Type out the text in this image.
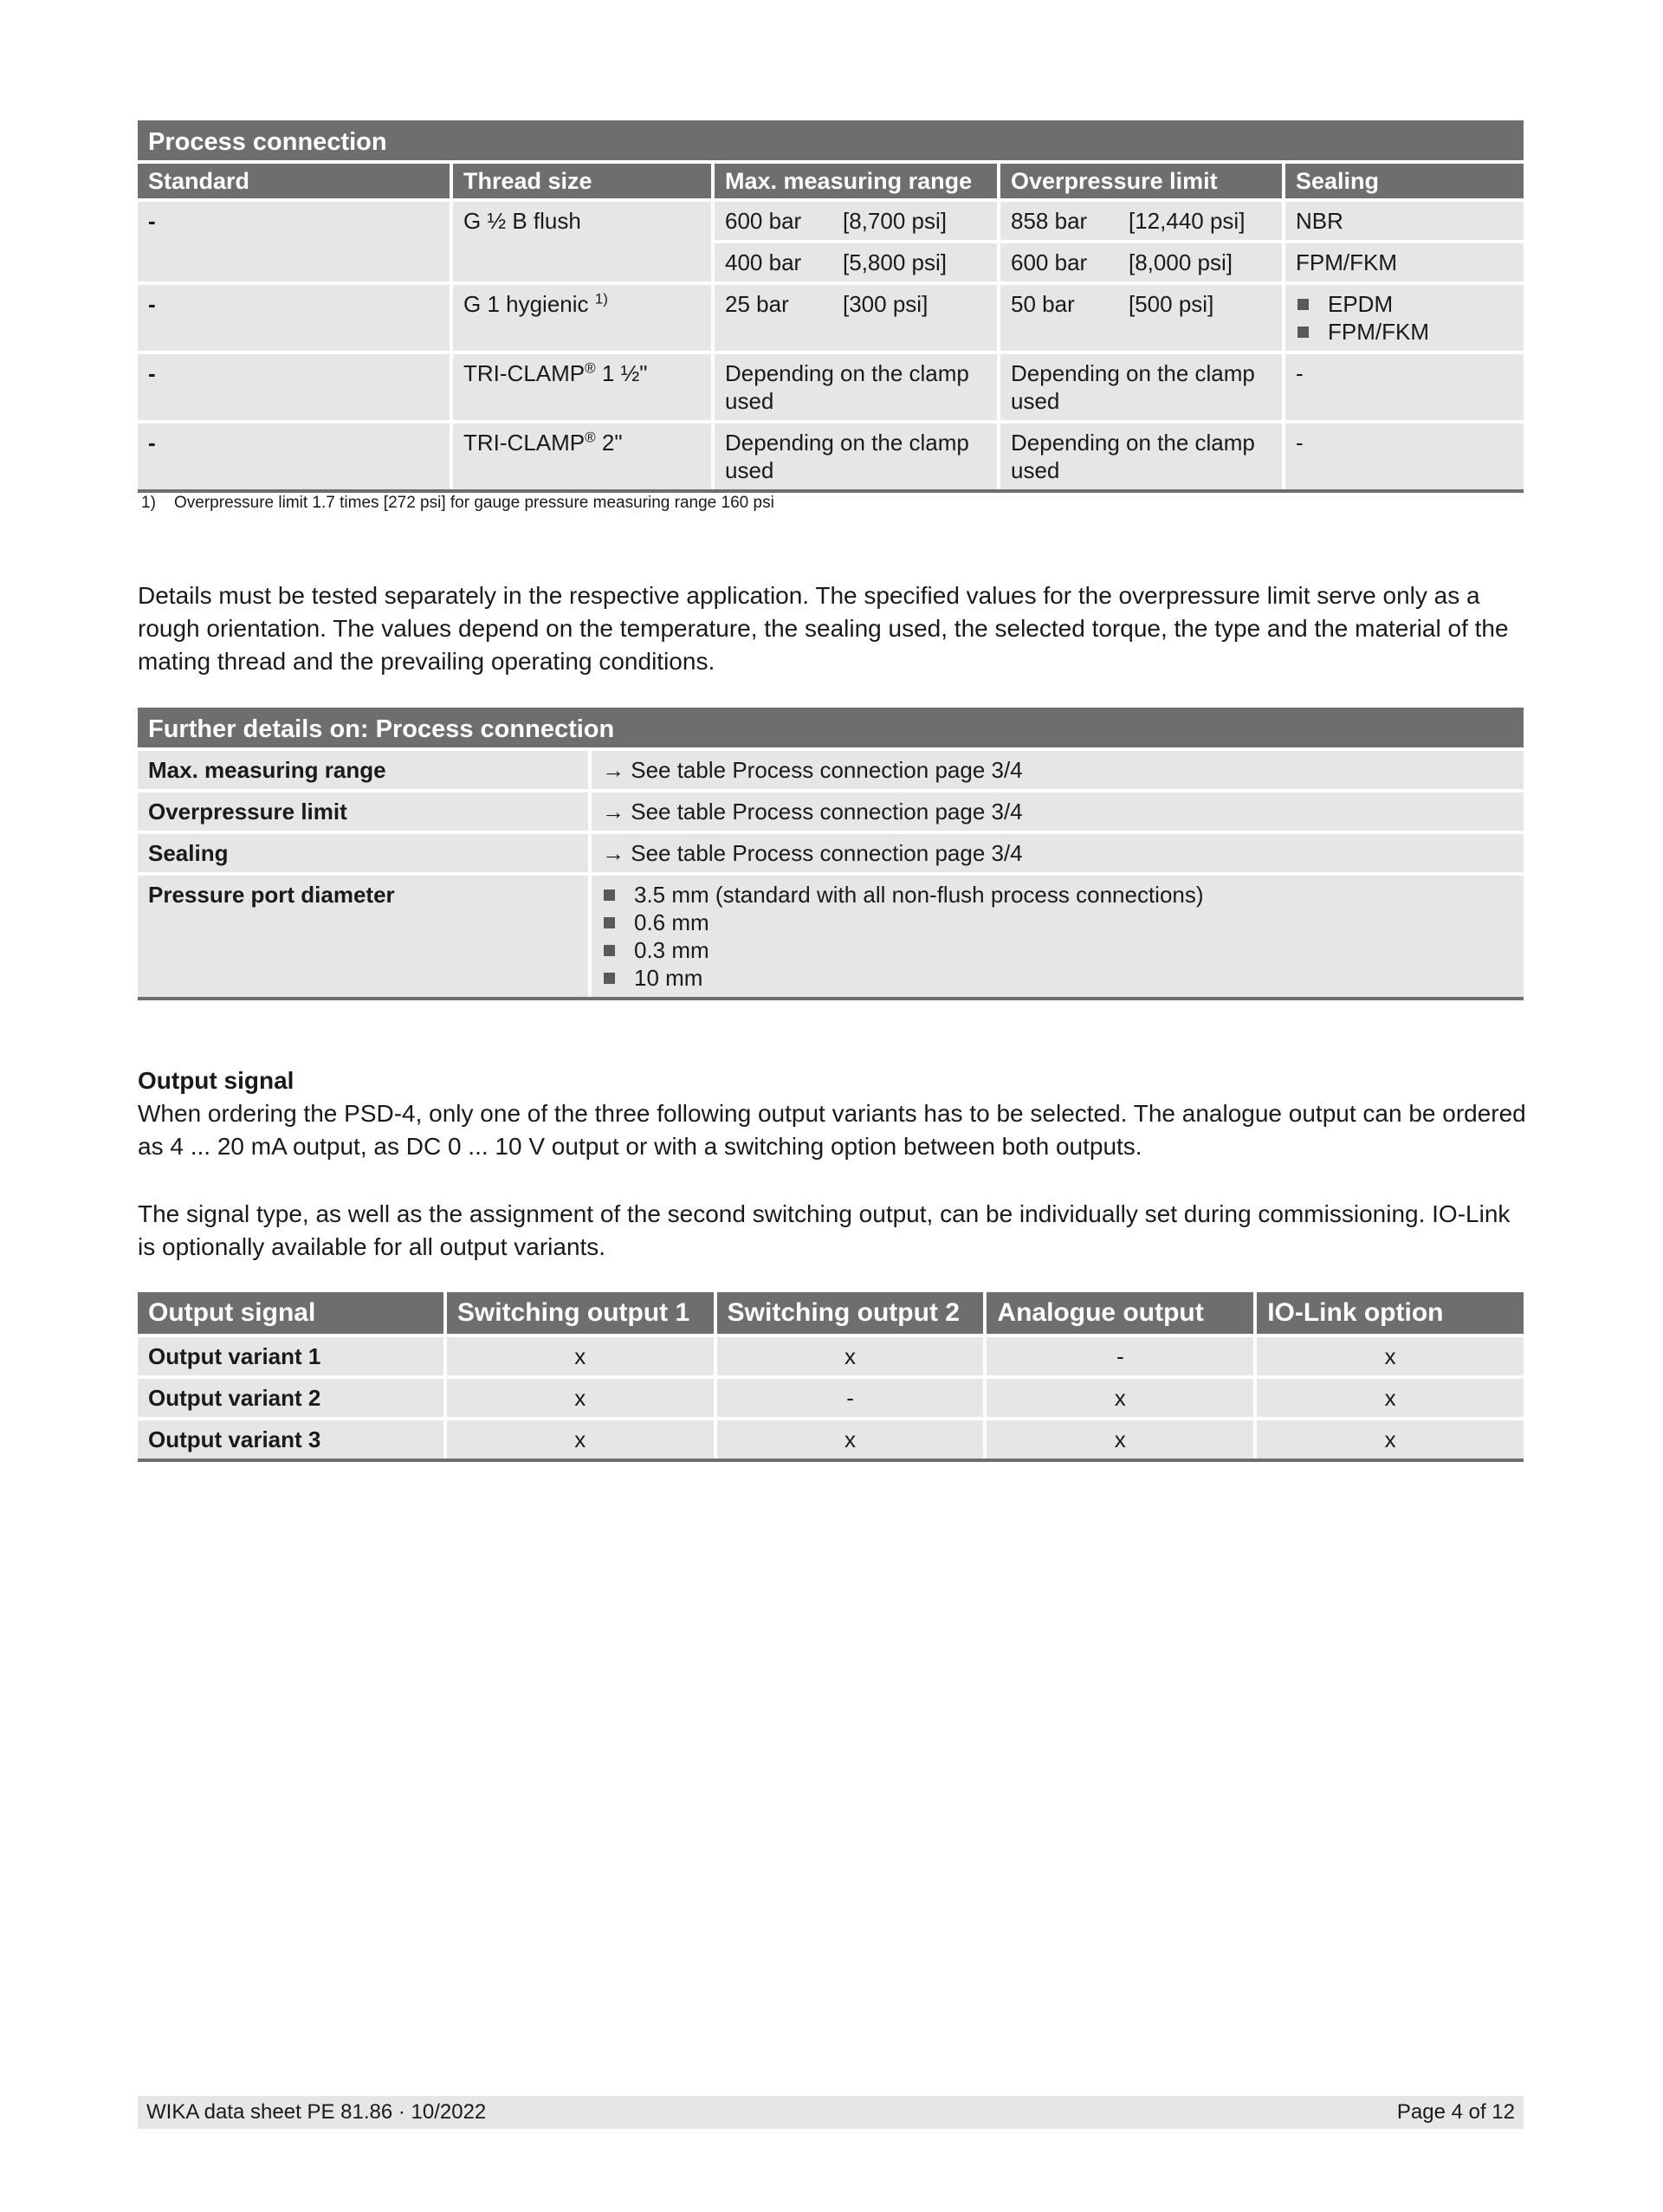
Process connection				
Standard	Thread size	Max. measuring range	Overpressure limit	Sealing
-	G ½ B flush	600 bar [8,700 psi]	858 bar [12,440 psi]	NBR
		400 bar [5,800 psi]	600 bar [8,000 psi]	FPM/FKM
-	G 1 hygienic $^{1)}$	25 bar [300 psi]	50 bar [500 psi]	EPDM
FPM/FKM

-	TRI-CLAMP® 1 ½"	Depending on the clamp used	Depending on the clamp used	-
-	TRI-CLAMP® 2"	Depending on the clamp used	Depending on the clamp used	-
1) Overpressure limit 1.7 times [272 psi] for gauge pressure measuring range 160 psi

Details must be tested separately in the respective application. The specified values for the overpressure limit serve only as a rough orientation. The values depend on the temperature, the sealing used, the selected torque, the type and the material of the mating thread and the prevailing operating conditions.

Further details on: Process connection	
Max. measuring range	→ See table Process connection page 3/4
Overpressure limit	→ See table Process connection page 3/4
Sealing	→ See table Process connection page 3/4
Pressure port diameter	3.5 mm (standard with all non-flush process connections)
0.6 mm
0.3 mm
10 mm

Output signal
When ordering the PSD-4, only one of the three following output variants has to be selected. The analogue output can be ordered as 4 ... 20 mA output, as DC 0 ... 10 V output or with a switching option between both outputs.

The signal type, as well as the assignment of the second switching output, can be individually set during commissioning. IO-Link is optionally available for all output variants.

Output signal	Switching output 1	Switching output 2	Analogue output	IO-Link option
Output variant 1	x	x	-	x
Output variant 2	x	-	x	x
Output variant 3	x	x	x	x
WIKA data sheet PE 81.86 · 10/2022	Page 4 of 12
